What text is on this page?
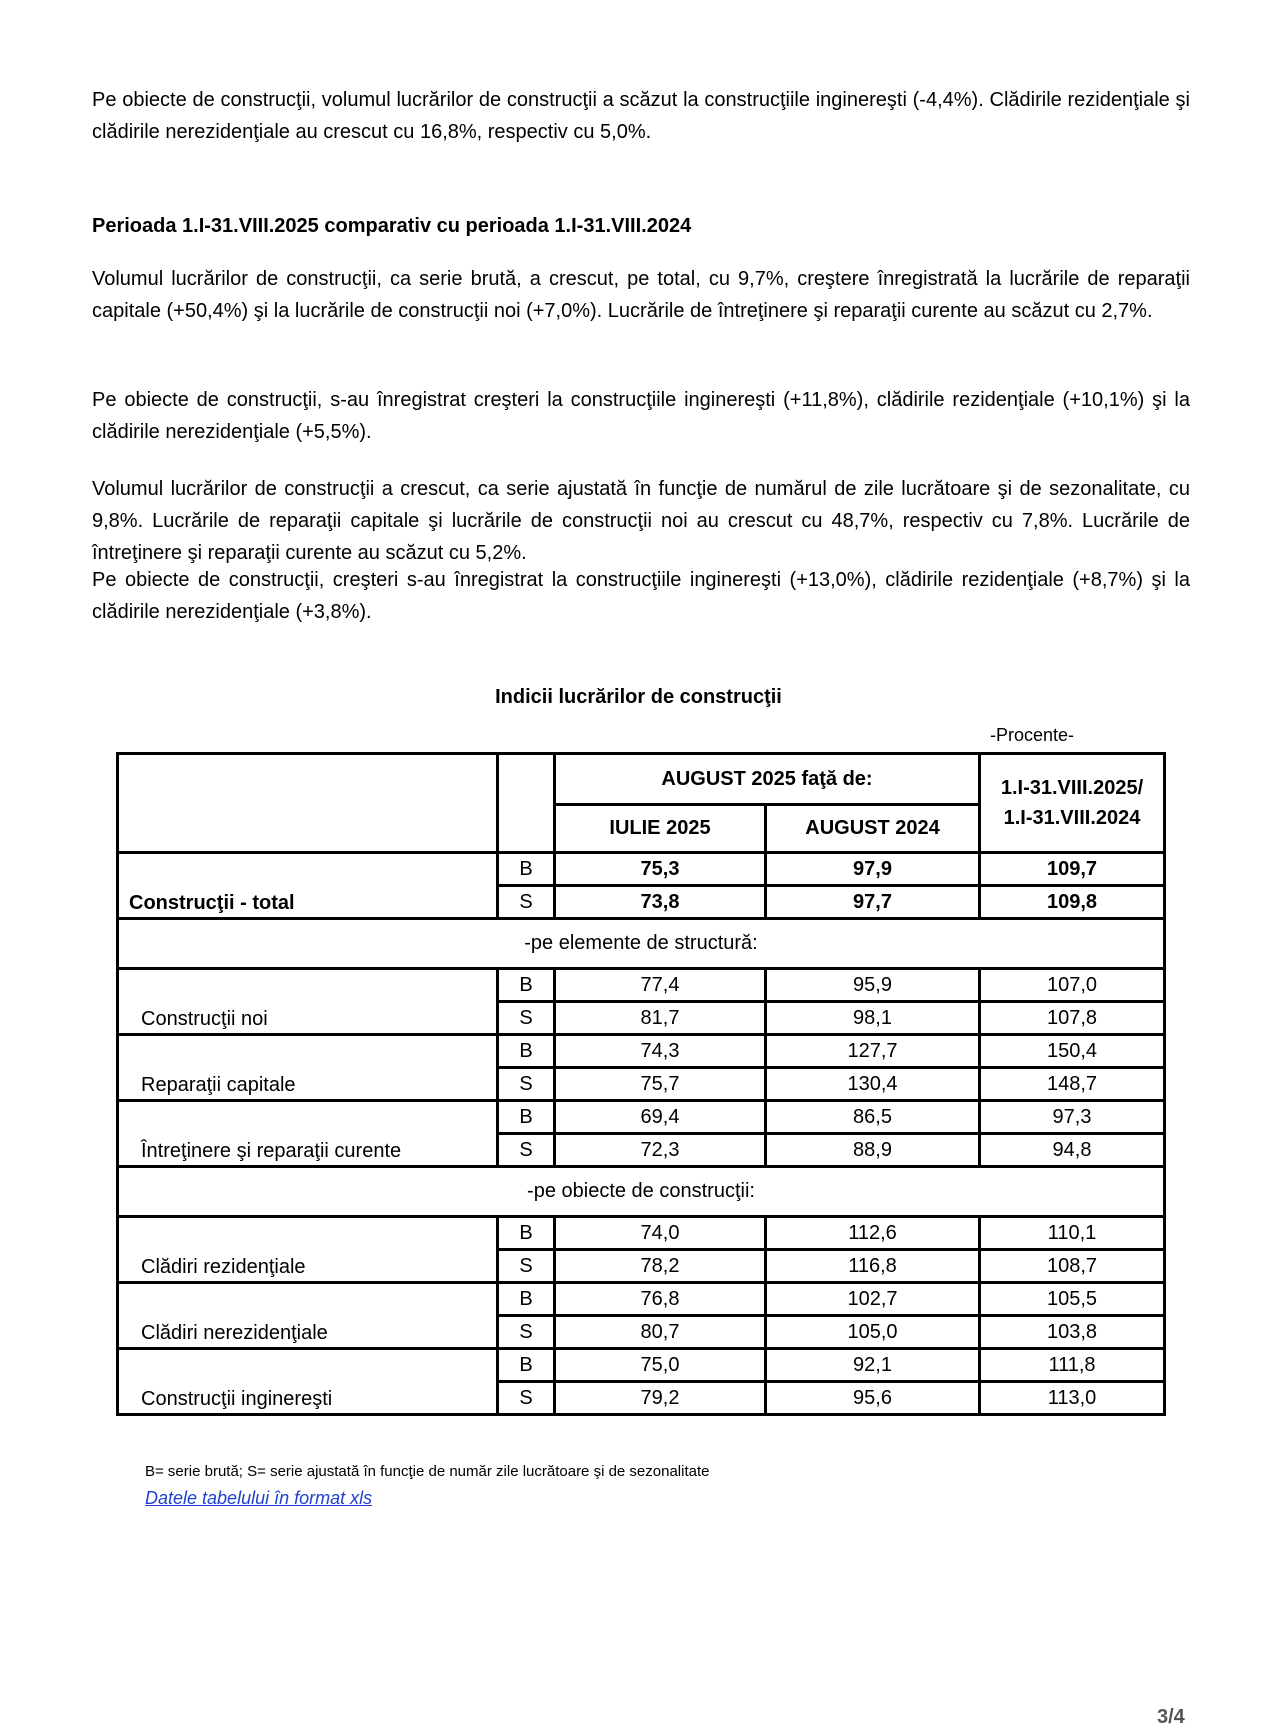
Pe obiecte de construcţii, volumul lucrărilor de construcţii a scăzut la construcţiile inginereşti (-4,4%). Clădirile rezidenţiale şi clădirile nerezidenţiale au crescut cu 16,8%, respectiv cu 5,0%.

Perioada 1.I-31.VIII.2025 comparativ cu perioada 1.I-31.VIII.2024

Volumul lucrărilor de construcţii, ca serie brută, a crescut, pe total, cu 9,7%, creştere înregistrată la lucrările de reparaţii capitale (+50,4%) şi la lucrările de construcţii noi (+7,0%). Lucrările de întreţinere şi reparaţii curente au scăzut cu 2,7%.

Pe obiecte de construcţii, s-au înregistrat creşteri la construcţiile inginereşti (+11,8%), clădirile rezidenţiale (+10,1%) şi la clădirile nerezidenţiale (+5,5%).

Volumul lucrărilor de construcţii a crescut, ca serie ajustată în funcţie de numărul de zile lucrătoare şi de sezonalitate, cu 9,8%. Lucrările de reparaţii capitale şi lucrările de construcţii noi au crescut cu 48,7%, respectiv cu 7,8%. Lucrările de întreţinere şi reparaţii curente au scăzut cu 5,2%.

Pe obiecte de construcţii, creşteri s-au înregistrat la construcţiile inginereşti (+13,0%), clădirile rezidenţiale (+8,7%) şi la clădirile nerezidenţiale (+3,8%).

Indicii lucrărilor de construcţii
-Procente-
		AUGUST 2025 faţă de:		1.I-31.VIII.2025/ 1.I-31.VIII.2024
		IULIE 2025	AUGUST 2024	
Construcţii - total	B	75,3	97,9	109,7
	S	73,8	97,7	109,8
-pe elemente de structură:				
Construcţii noi	B	77,4	95,9	107,0
	S	81,7	98,1	107,8
Reparaţii capitale	B	74,3	127,7	150,4
	S	75,7	130,4	148,7
Întreţinere şi reparaţii curente	B	69,4	86,5	97,3
	S	72,3	88,9	94,8
-pe obiecte de construcţii:				
Clădiri rezidenţiale	B	74,0	112,6	110,1
	S	78,2	116,8	108,7
Clădiri nerezidenţiale	B	76,8	102,7	105,5
	S	80,7	105,0	103,8
Construcţii inginereşti	B	75,0	92,1	111,8
	S	79,2	95,6	113,0
B= serie brută; S= serie ajustată în funcţie de număr zile lucrătoare şi de sezonalitate
Datele tabelului în format xls
3/4
